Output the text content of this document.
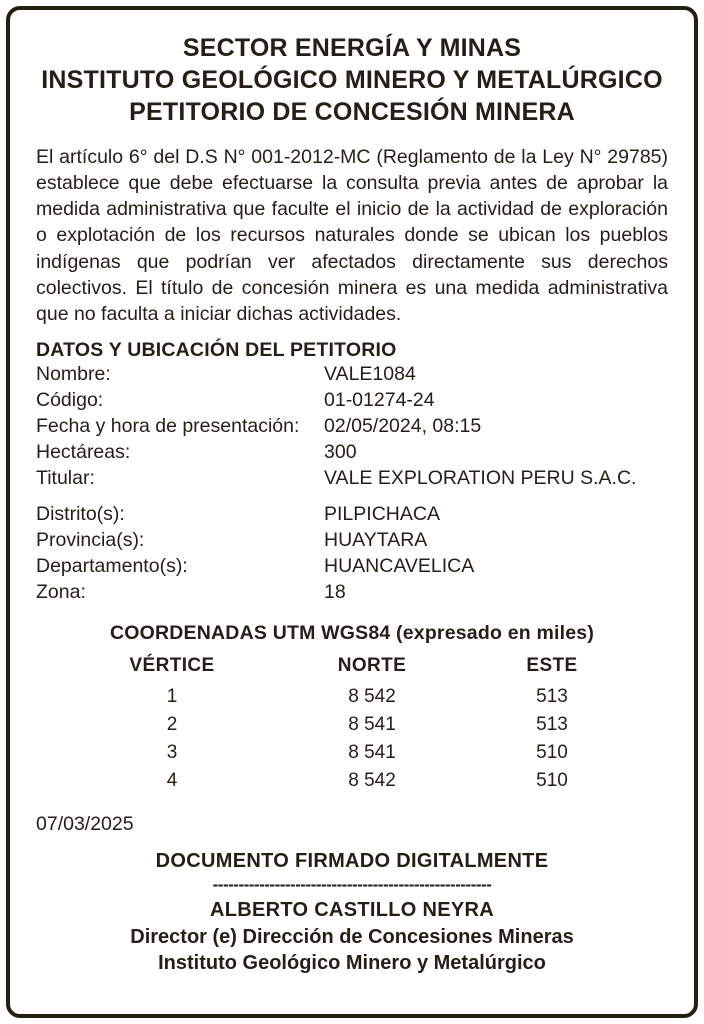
SECTOR ENERGÍA Y MINAS
INSTITUTO GEOLÓGICO MINERO Y METALÚRGICO
PETITORIO DE CONCESIÓN MINERA
El artículo 6° del D.S N° 001-2012-MC (Reglamento de la Ley N° 29785) establece que debe efectuarse la consulta previa antes de aprobar la medida administrativa que faculte el inicio de la actividad de exploración o explotación de los recursos naturales donde se ubican los pueblos indígenas que podrían ver afectados directamente sus derechos colectivos. El título de concesión minera es una medida administrativa que no faculta a iniciar dichas actividades.
DATOS Y UBICACIÓN DEL PETITORIO
Nombre:	VALE1084
Código:	01-01274-24
Fecha y hora de presentación:	02/05/2024, 08:15
Hectáreas:	300
Titular:	VALE EXPLORATION PERU S.A.C.

Distrito(s):	PILPICHACA
Provincia(s):	HUAYTARA
Departamento(s):	HUANCAVELICA
Zona:	18
COORDENADAS UTM WGS84 (expresado en miles)
VÉRTICE	NORTE	ESTE
1	8 542	513
2	8 541	513
3	8 541	510
4	8 542	510
07/03/2025
DOCUMENTO FIRMADO DIGITALMENTE
------------------------------------------------------
ALBERTO CASTILLO NEYRA
Director (e) Dirección de Concesiones Mineras
Instituto Geológico Minero y Metalúrgico
